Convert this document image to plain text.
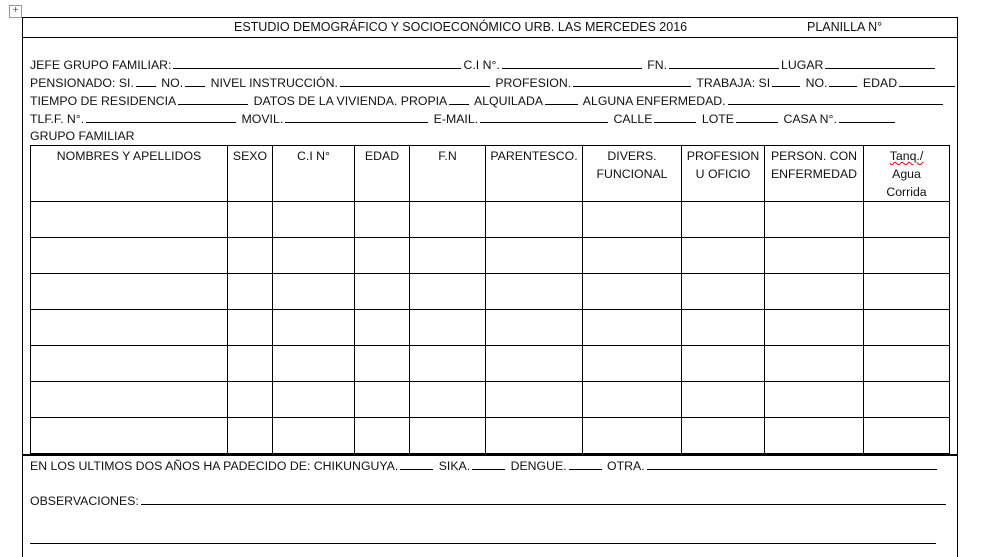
+
ESTUDIO DEMOGRÁFICO Y SOCIOECONÓMICO URB. LAS MERCEDES 2016	PLANILLA N°
JEFE GRUPO FAMILIAR:	C.I N°.	FN.	LUGAR
PENSIONADO: SI. NO. NIVEL INSTRUCCIÓN.	PROFESION.	TRABAJA: SI	NO.	EDAD
TIEMPO DE RESIDENCIA	DATOS DE LA VIVIENDA. PROPIA ALQUILADA	ALGUNA ENFERMEDAD.
TLF.F. N°.	MOVIL.	E-MAIL.	CALLE	LOTE	CASA N°.
GRUPO FAMILIAR
NOMBRES Y APELLIDOS	SEXO	C.I N°	EDAD	F.N	PARENTESCO.	DIVERS. FUNCIONAL	PROFESION U OFICIO	PERSON. CON ENFERMEDAD	Tanq./
Agua Corrida

EN LOS ULTIMOS DOS AÑOS HA PADECIDO DE: CHIKUNGUYA.	SIKA.	DENGUE.	OTRA.
OBSERVACIONES:
